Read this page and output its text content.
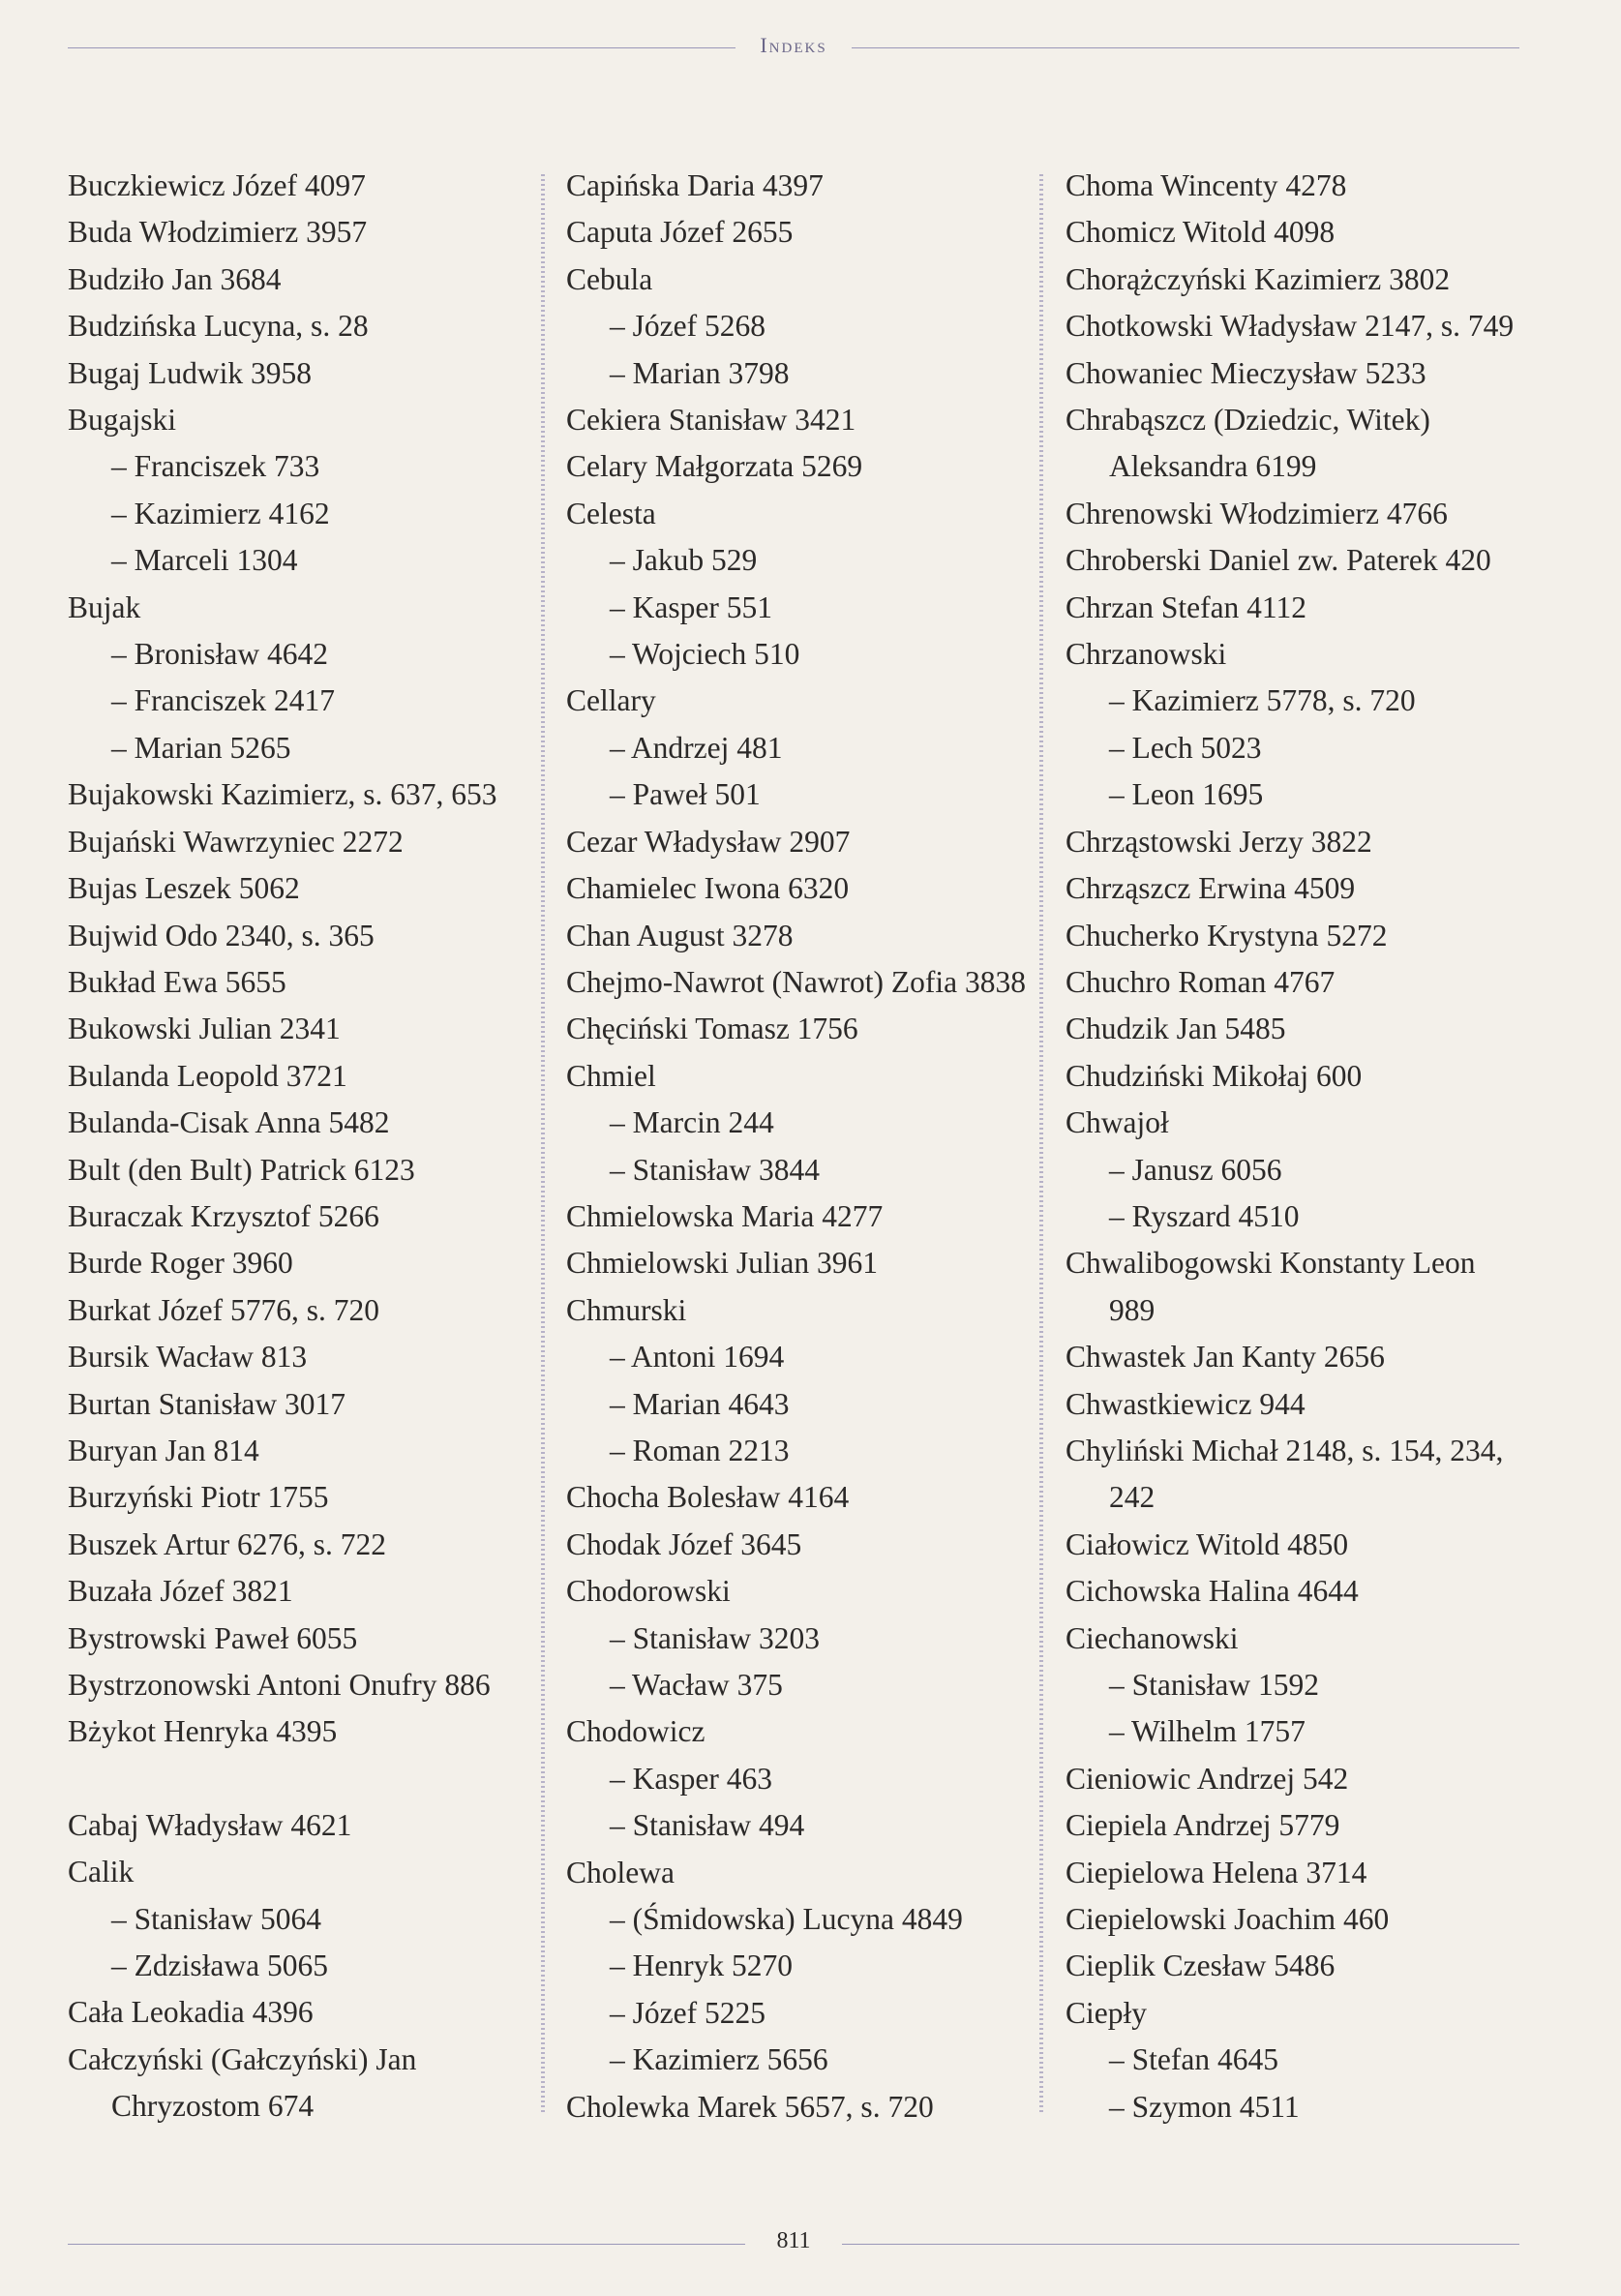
Indeks
Buczkiewicz Józef 4097
Buda Włodzimierz 3957
Budziło Jan 3684
Budzińska Lucyna, s. 28
Bugaj Ludwik 3958
Bugajski
– Franciszek 733
– Kazimierz 4162
– Marceli 1304
Bujak
– Bronisław 4642
– Franciszek 2417
– Marian 5265
Bujakowski Kazimierz, s. 637, 653
Bujański Wawrzyniec 2272
Bujas Leszek 5062
Bujwid Odo 2340, s. 365
Bukład Ewa 5655
Bukowski Julian 2341
Bulanda Leopold 3721
Bulanda-Cisak Anna 5482
Bult (den Bult) Patrick 6123
Buraczak Krzysztof 5266
Burde Roger 3960
Burkat Józef 5776, s. 720
Bursik Wacław 813
Burtan Stanisław 3017
Buryan Jan 814
Burzyński Piotr 1755
Buszek Artur 6276, s. 722
Buzała Józef 3821
Bystrowski Paweł 6055
Bystrzonowski Antoni Onufry 886
Bżykot Henryka 4395
Cabaj Władysław 4621
Calik
– Stanisław 5064
– Zdzisława 5065
Cała Leokadia 4396
Całczyński (Gałczyński) Jan
Chryzostom 674
Capińska Daria 4397
Caputa Józef 2655
Cebula
– Józef 5268
– Marian 3798
Cekiera Stanisław 3421
Celary Małgorzata 5269
Celesta
– Jakub 529
– Kasper 551
– Wojciech 510
Cellary
– Andrzej 481
– Paweł 501
Cezar Władysław 2907
Chamielec Iwona 6320
Chan August 3278
Chejmo-Nawrot (Nawrot) Zofia 3838
Chęciński Tomasz 1756
Chmiel
– Marcin 244
– Stanisław 3844
Chmielowska Maria 4277
Chmielowski Julian 3961
Chmurski
– Antoni 1694
– Marian 4643
– Roman 2213
Chocha Bolesław 4164
Chodak Józef 3645
Chodorowski
– Stanisław 3203
– Wacław 375
Chodowicz
– Kasper 463
– Stanisław 494
Cholewa
– (Śmidowska) Lucyna 4849
– Henryk 5270
– Józef 5225
– Kazimierz 5656
Cholewka Marek 5657, s. 720
Choma Wincenty 4278
Chomicz Witold 4098
Chorążczyński Kazimierz 3802
Chotkowski Władysław 2147, s. 749
Chowaniec Mieczysław 5233
Chrabąszcz (Dziedzic, Witek)
Aleksandra 6199
Chrenowski Włodzimierz 4766
Chroberski Daniel zw. Paterek 420
Chrzan Stefan 4112
Chrzanowski
– Kazimierz 5778, s. 720
– Lech 5023
– Leon 1695
Chrząstowski Jerzy 3822
Chrząszcz Erwina 4509
Chucherko Krystyna 5272
Chuchro Roman 4767
Chudzik Jan 5485
Chudziński Mikołaj 600
Chwajoł
– Janusz 6056
– Ryszard 4510
Chwalibogowski Konstanty Leon
989
Chwastek Jan Kanty 2656
Chwastkiewicz 944
Chyliński Michał 2148, s. 154, 234,
242
Ciałowicz Witold 4850
Cichowska Halina 4644
Ciechanowski
– Stanisław 1592
– Wilhelm 1757
Cieniowic Andrzej 542
Ciepiela Andrzej 5779
Ciepielowa Helena 3714
Ciepielowski Joachim 460
Cieplik Czesław 5486
Ciepły
– Stefan 4645
– Szymon 4511
811
